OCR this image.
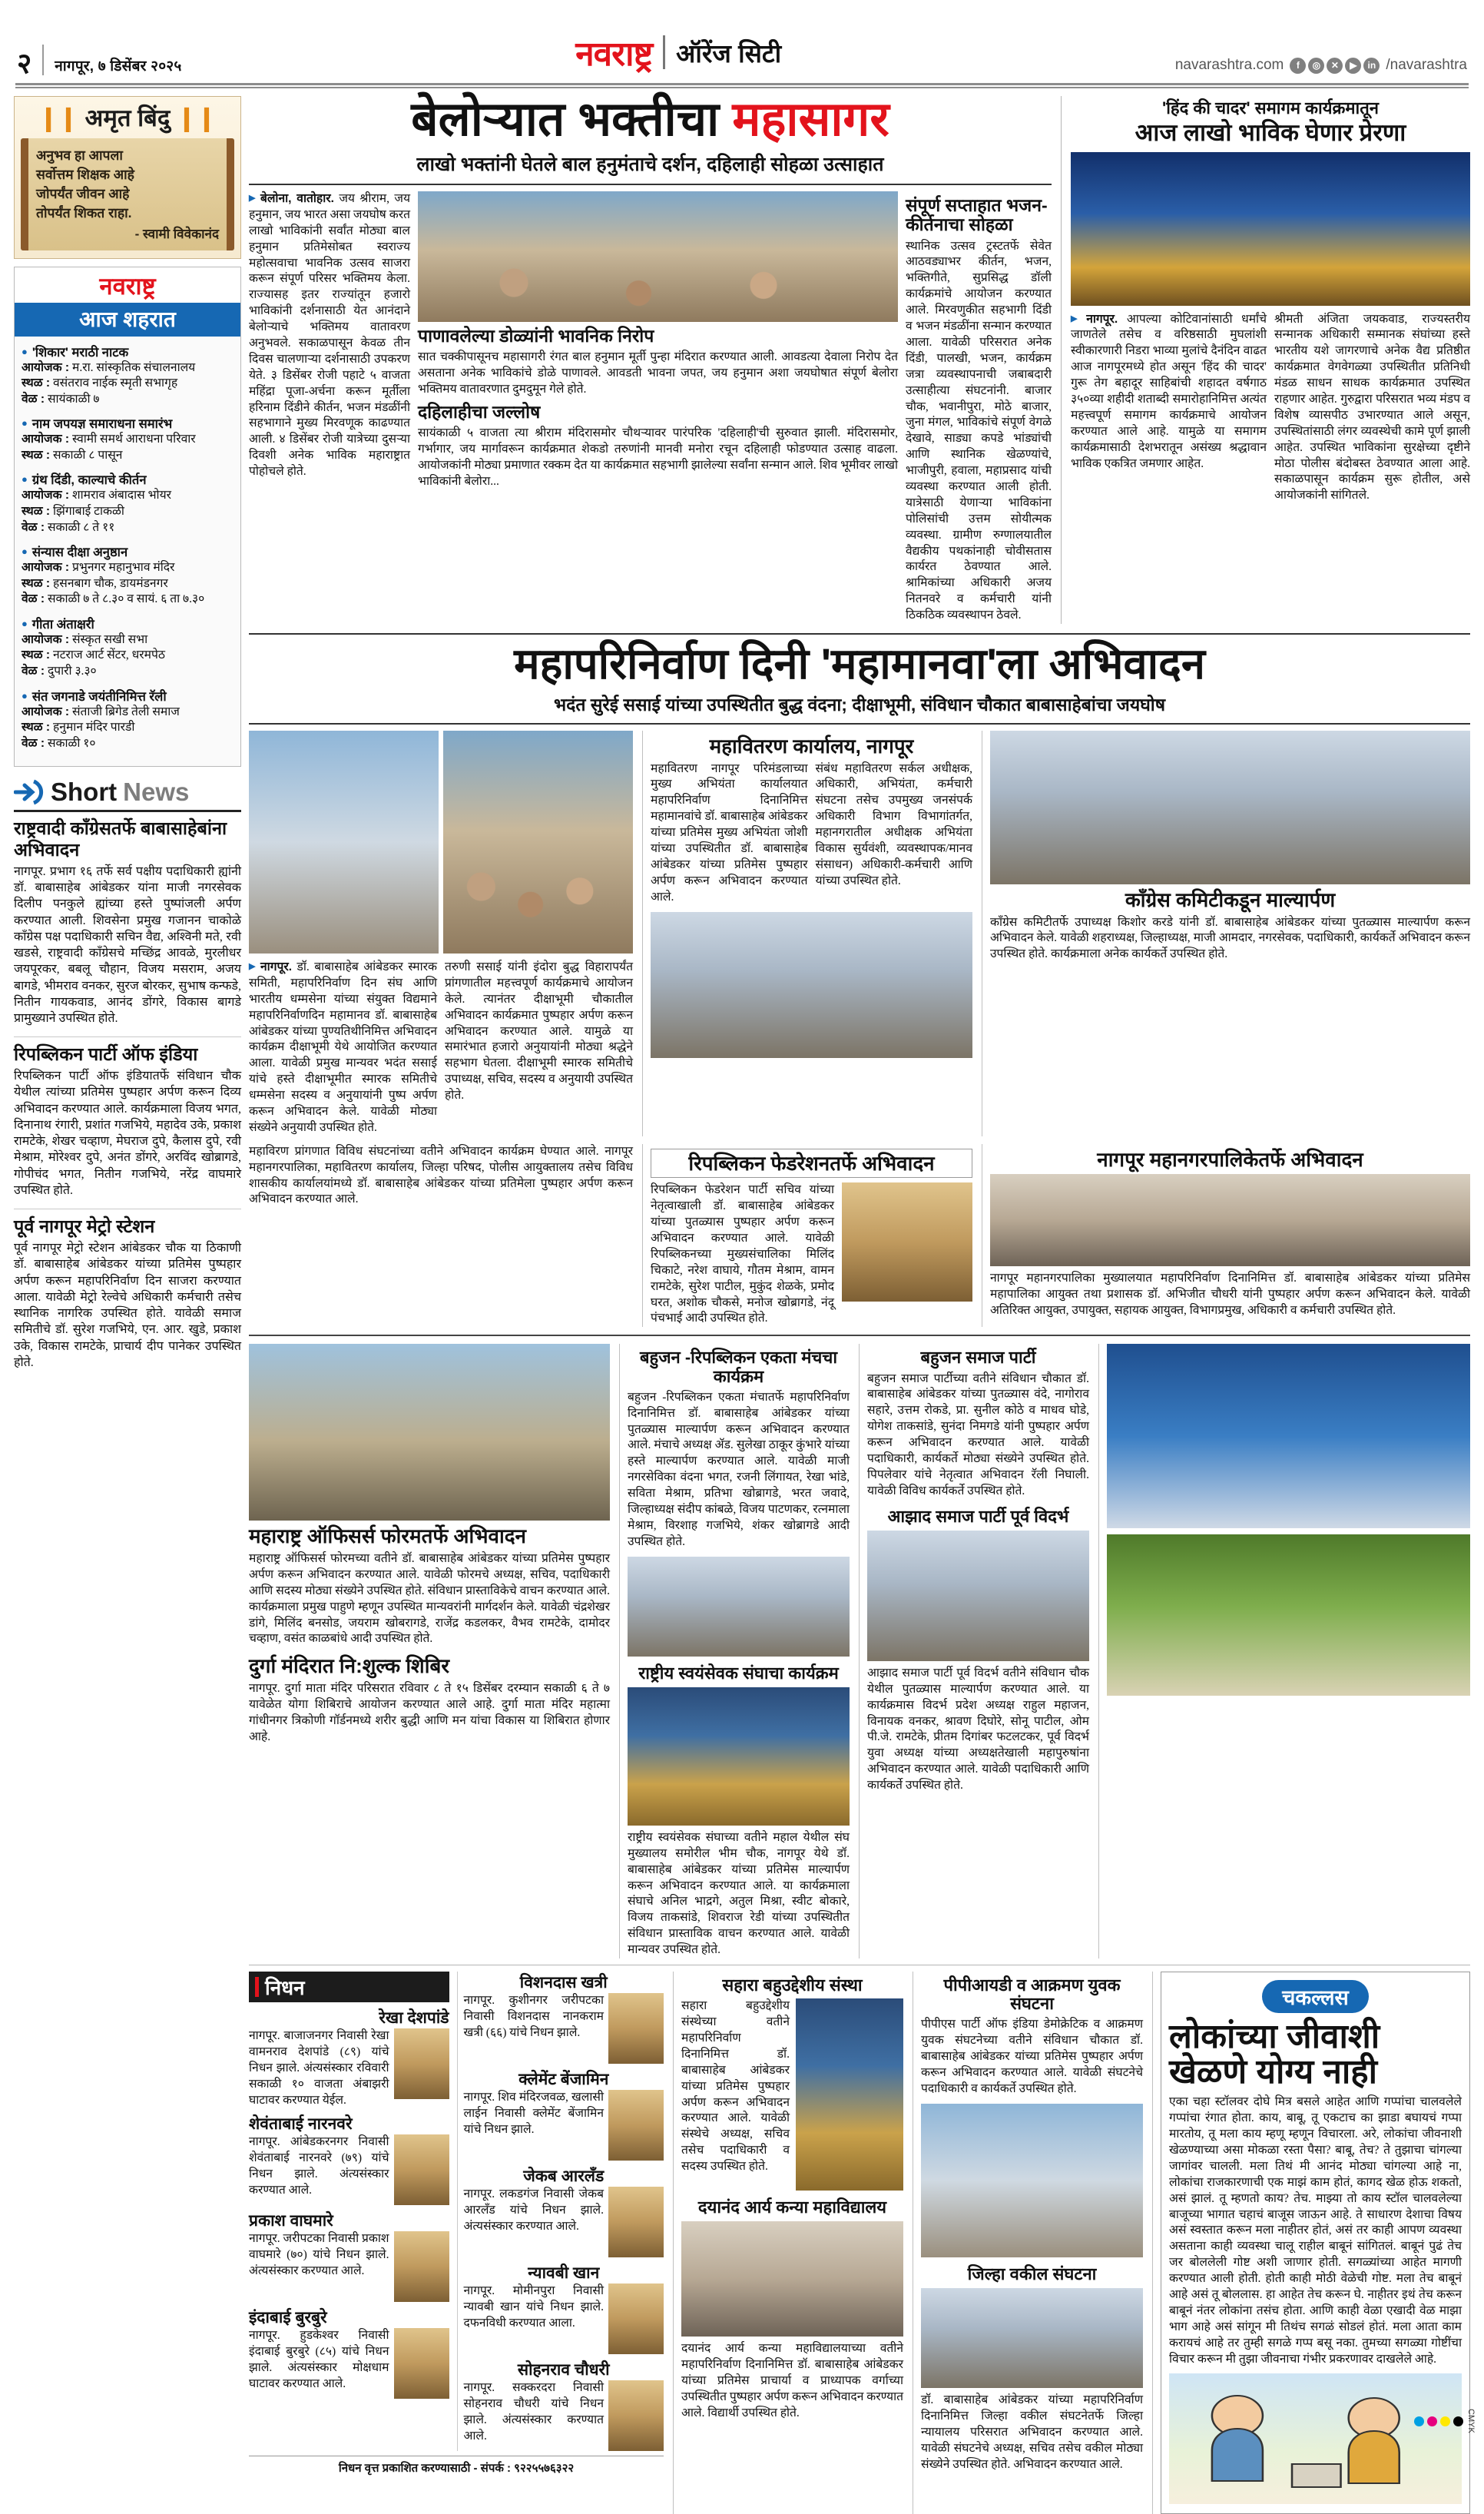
२ नागपूर, ७ डिसेंबर २०२५	नवराष्ट्र ऑरेंज सिटी	navarashtra.com	f	◎	✕	▶	in /navarashtra
❙❙ अमृत बिंदु ❙❙

अनुभव हा आपला

सर्वोत्तम शिक्षक आहे

जोपर्यंत जीवन आहे

तोपर्यंत शिकत राहा.

- स्वामी विवेकानंद

नवराष्ट्र
आज शहरात
● 'शिकार' मराठी नाटक
आयोजक : म.रा. सांस्कृतिक संचालनालय
स्थळ : वसंतराव नाईक स्मृती सभागृह
वेळ : सायंकाळी ७
● नाम जपयज्ञ समाराधना समारंभ
आयोजक : स्वामी समर्थ आराधना परिवार
स्थळ : सकाळी ८ पासून
● ग्रंथ दिंडी, काल्याचे कीर्तन
आयोजक : शामराव अंबादास भोयर
स्थळ : झिंगाबाई टाकळी
वेळ : सकाळी ८ ते ११
● संन्यास दीक्षा अनुष्ठान
आयोजक : प्रभुनगर महानुभाव मंदिर
स्थळ : हसनबाग चौक, डायमंडनगर
वेळ : सकाळी ७ ते ८.३० व सायं. ६ ता ७.३०
● गीता अंताक्षरी
आयोजक : संस्कृत सखी सभा
स्थळ : नटराज आर्ट सेंटर, धरमपेठ
वेळ : दुपारी ३.३०
● संत जगनाडे जयंतीनिमित्त रॅली
आयोजक : संताजी ब्रिगेड तेली समाज
स्थळ : हनुमान मंदिर पारडी
वेळ : सकाळी १०
Short News
राष्ट्रवादी काँग्रेसतर्फे बाबासाहेबांना अभिवादन
नागपूर. प्रभाग १६ तर्फे सर्व पक्षीय पदाधिकारी ह्यांनी डॉ. बाबासाहेब आंबेडकर यांना माजी नगरसेवक दिलीप पनकुले ह्यांच्या हस्ते पुष्पांजली अर्पण करण्यात आली. शिवसेना प्रमुख गजानन चाकोळे काँग्रेस पक्ष पदाधिकारी सचिन वैद्य, अश्विनी मते, रवी खडसे, राष्ट्रवादी काँग्रेसचे मच्छिंद्र आवळे, मुरलीधर जयपूरकर, बबलू चौहान, विजय मसराम, अजय बागडे, भीमराव वनकर, सुरज बोरकर, सुभाष कन्फडे, नितीन गायकवाड, आनंद डोंगरे, विकास बागडे प्रामुख्याने उपस्थित होते.
रिपब्लिकन पार्टी ऑफ इंडिया
रिपब्लिकन पार्टी ऑफ इंडियातर्फे संविधान चौक येथील त्यांच्या प्रतिमेस पुष्पहार अर्पण करून दिव्य अभिवादन करण्यात आले. कार्यक्रमाला विजय भगत, दिनानाथ रंगारी, प्रशांत गजभिये, महादेव उके, प्रकाश रामटेके, शेखर चव्हाण, मेघराज दुपे, कैलास दुपे, रवी मेश्राम, मोरेश्वर दुपे, अनंत डोंगरे, अरविंद खोब्रागडे, गोपीचंद भगत, नितीन गजभिये, नरेंद्र वाघमारे उपस्थित होते.
पूर्व नागपूर मेट्रो स्टेशन
पूर्व नागपूर मेट्रो स्टेशन आंबेडकर चौक या ठिकाणी डॉ. बाबासाहेब आंबेडकर यांच्या प्रतिमेस पुष्पहार अर्पण करून महापरिनिर्वाण दिन साजरा करण्यात आला. यावेळी मेट्रो रेल्वेचे अधिकारी कर्मचारी तसेच स्थानिक नागरिक उपस्थित होते. यावेळी समाज समितीचे डॉ. सुरेश गजभिये, एन. आर. खुडे, प्रकाश उके, विकास रामटेके, प्राचार्य दीप पानेकर उपस्थित होते.
बेलोऱ्यात भक्तीचा महासागर
लाखो भक्तांनी घेतले बाल हनुमंताचे दर्शन, दहिलाही सोहळा उत्साहात
▶ बेलोना, वातोहार. जय श्रीराम, जय हनुमान, जय भारत असा जयघोष करत लाखो भाविकांनी सर्वांत मोठ्या बाल हनुमान प्रतिमेसोबत स्वराज्य महोत्सवाचा भावनिक उत्सव साजरा करून संपूर्ण परिसर भक्तिमय केला. राज्यासह इतर राज्यांतून हजारो भाविकांनी दर्शनासाठी येत आनंदाने बेलोऱ्याचे भक्तिमय वातावरण अनुभवले. सकाळपासून केवळ तीन दिवस चालणाऱ्या दर्शनासाठी उपकरण येते. ३ डिसेंबर रोजी पहाटे ५ वाजता महिंद्रा पूजा-अर्चना करून मूर्तीला हरिनाम दिंडीने कीर्तन, भजन मंडळींनी सहभागाने मुख्य मिरवणूक काढण्यात आली. ४ डिसेंबर रोजी यात्रेच्या दुसऱ्या दिवशी अनेक भाविक महाराष्ट्रात पोहोचले होते.
पाणावलेल्या डोळ्यांनी भावनिक निरोप
सात चक्कीपासूनच महासागरी रंगत बाल हनुमान मूर्ती पुन्हा मंदिरात करण्यात आली. आवडत्या देवाला निरोप देत असताना अनेक भाविकांचे डोळे पाणावले. आवडती भावना जपत, जय हनुमान अशा जयघोषात संपूर्ण बेलोरा भक्तिमय वातावरणात दुमदुमून गेले होते.
दहिलाहीचा जल्लोष
सायंकाळी ५ वाजता त्या श्रीराम मंदिरासमोर चौथऱ्यावर पारंपरिक 'दहिलाही'ची सुरुवात झाली. मंदिरासमोर, गर्भागार, जय मार्गावरून कार्यक्रमात शेकडो तरुणांनी मानवी मनोरा रचून दहिलाही फोडण्यात उत्साह वाढला. आयोजकांनी मोठ्या प्रमाणात रक्कम देत या कार्यक्रमात सहभागी झालेल्या सर्वांना सन्मान आले. शिव भूमीवर लाखो भाविकांनी बेलोरा...
संपूर्ण सप्ताहात भजन-कीर्तनाचा सोहळा
स्थानिक उत्सव ट्रस्टतर्फे सेवेत आठवड्याभर कीर्तन, भजन, भक्तिगीते, सुप्रसिद्ध डॉली कार्यक्रमांचे आयोजन करण्यात आले. मिरवणुकीत सहभागी दिंडी व भजन मंडळींना सन्मान करण्यात आला. यावेळी परिसरात अनेक दिंडी, पालखी, भजन, कार्यक्रम जत्रा व्यवस्थापनाची जबाबदारी उत्साहीत्या संघटनांनी. बाजार चौक, भवानीपुरा, मोठे बाजार, जुना मंगल, भाविकांचे संपूर्ण वेगळे देखावे, साड्या कपडे भांड्यांची आणि स्थानिक खेळण्यांचे, भाजीपुरी, हवाला, महाप्रसाद यांची व्यवस्था करण्यात आली होती. यात्रेसाठी येणाऱ्या भाविकांना पोलिसांची उत्तम सोयीत्मक व्यवस्था. ग्रामीण रुग्णालयातील वैद्यकीय पथकांनाही चोवीसतास कार्यरत ठेवण्यात आले. श्रामिकांच्या अधिकारी अजय नितनवरे व कर्मचारी यांनी ठिकठिक व्यवस्थापन ठेवले.
'हिंद की चादर' समागम कार्यक्रमातून
आज लाखो भाविक घेणार प्रेरणा
▶ नागपूर. आपल्या कोटिवानांसाठी धर्मांचे जाणतेले तसेच व वरिष्ठसाठी मुघलांशी स्वीकारणारी निडरा भाव्या मुलांचे दैनंदिन वाढत आज नागपूरमध्ये होत असून 'हिंद की चादर' गुरू तेग बहादूर साहिबांची शहादत वर्षगाठ ३५०व्या शहीदी शताब्दी समारोहानिमित्त अत्यंत महत्त्वपूर्ण समागम कार्यक्रमाचे आयोजन करण्यात आले आहे. यामुळे या समागम कार्यक्रमासाठी देशभरातून असंख्य श्रद्धावान भाविक एकत्रित जमणार आहेत.
श्रीमती अंजिता जयकवाड, राज्यस्तरीय सन्मानक अधिकारी सम्मानक संघांच्या हस्ते भारतीय यशे जागरणाचे अनेक वैद्य प्रतिष्ठीत कार्यक्रमात वेगवेगळ्या उपस्थितीत प्रतिनिधी मंडळ साधन साधक कार्यक्रमात उपस्थित राहणार आहेत. गुरुद्वारा परिसरात भव्य मंडप व विशेष व्यासपीठ उभारण्यात आले असून, उपस्थितांसाठी लंगर व्यवस्थेची कामे पूर्ण झाली आहेत. उपस्थित भाविकांना सुरक्षेच्या दृष्टीने मोठा पोलीस बंदोबस्त ठेवण्यात आला आहे. सकाळपासून कार्यक्रम सुरू होतील, असे आयोजकांनी सांगितले.
महापरिनिर्वाण दिनी 'महामानवा'ला अभिवादन
भदंत सुरेई ससाई यांच्या उपस्थितीत बुद्ध वंदना; दीक्षाभूमी, संविधान चौकात बाबासाहेबांचा जयघोष
▶ नागपूर. डॉ. बाबासाहेब आंबेडकर स्मारक समिती, महापरिनिर्वाण दिन संघ आणि भारतीय धम्मसेना यांच्या संयुक्त विद्यमाने महापरिनिर्वाणदिन महामानव डॉ. बाबासाहेब आंबेडकर यांच्या पुण्यतिथीनिमित्त अभिवादन कार्यक्रम दीक्षाभूमी येथे आयोजित करण्यात आला. यावेळी प्रमुख मान्यवर भदंत ससाई यांचे हस्ते दीक्षाभूमीत स्मारक समितीचे धम्मसेना सदस्य व अनुयायांनी पुष्प अर्पण करून अभिवादन केले. यावेळी मोठ्या संख्येने अनुयायी उपस्थित होते.
तरुणी ससाई यांनी इंदोरा बुद्ध विहारापर्यंत प्रांगणातील महत्त्वपूर्ण कार्यक्रमाचे आयोजन केले. त्यानंतर दीक्षाभूमी चौकातील अभिवादन कार्यक्रमात पुष्पहार अर्पण करून अभिवादन करण्यात आले. यामुळे या समारंभात हजारो अनुयायांनी मोठ्या श्रद्धेने सहभाग घेतला. दीक्षाभूमी स्मारक समितीचे उपाध्यक्ष, सचिव, सदस्य व अनुयायी उपस्थित होते.
महावितरण कार्यालय, नागपूर
महावितरण नागपूर परिमंडलाच्या मुख्य अभियंता कार्यालयात महापरिनिर्वाण दिनानिमित्त महामानवांचे डॉ. बाबासाहेब आंबेडकर यांच्या प्रतिमेस मुख्य अभियंता जोशी यांच्या उपस्थितीत डॉ. बाबासाहेब आंबेडकर यांच्या प्रतिमेस पुष्पहार अर्पण करून अभिवादन करण्यात आले.
संबंध महावितरण सर्कल अधीक्षक, अधिकारी, अभियंता, कर्मचारी संघटना तसेच उपमुख्य जनसंपर्क अधिकारी विभाग विभागांतर्गत, महानगरातील अधीक्षक अभियंता विकास सुर्यवंशी, व्यवस्थापक/मानव संसाधन) अधिकारी-कर्मचारी आणि यांच्या उपस्थित होते.
काँग्रेस कमिटीकडून माल्यार्पण
काँग्रेस कमिटीतर्फे उपाध्यक्ष किशोर करडे यांनी डॉ. बाबासाहेब आंबेडकर यांच्या पुतळ्यास माल्यार्पण करून अभिवादन केले. यावेळी शहराध्यक्ष, जिल्हाध्यक्ष, माजी आमदार, नगरसेवक, पदाधिकारी, कार्यकर्ते अभिवादन करून उपस्थित होते. कार्यक्रमाला अनेक कार्यकर्ते उपस्थित होते.
महाविरण प्रांगणात विविध संघटनांच्या वतीने अभिवादन कार्यक्रम घेण्यात आले. नागपूर महानगरपालिका, महावितरण कार्यालय, जिल्हा परिषद, पोलीस आयुक्तालय तसेच विविध शासकीय कार्यालयांमध्ये डॉ. बाबासाहेब आंबेडकर यांच्या प्रतिमेला पुष्पहार अर्पण करून अभिवादन करण्यात आले.
रिपब्लिकन फेडरेशनतर्फे अभिवादन
रिपब्लिकन फेडरेशन पार्टी सचिव यांच्या नेतृत्वाखाली डॉ. बाबासाहेब आंबेडकर यांच्या पुतळ्यास पुष्पहार अर्पण करून अभिवादन करण्यात आले. यावेळी रिपब्लिकनच्या मुख्यसंचालिका मिलिंद चिकाटे, नरेश वाघाये, गौतम मेश्राम, वामन रामटेके, सुरेश पाटील, मुकुंद शेळके, प्रमोद घरत, अशोक चौकसे, मनोज खोब्रागडे, नंदू पंचभाई आदी उपस्थित होते.
नागपूर महानगरपालिकेतर्फे अभिवादन
नागपूर महानगरपालिका मुख्यालयात महापरिनिर्वाण दिनानिमित्त डॉ. बाबासाहेब आंबेडकर यांच्या प्रतिमेस महापालिका आयुक्त तथा प्रशासक डॉ. अभिजीत चौधरी यांनी पुष्पहार अर्पण करून अभिवादन केले. यावेळी अतिरिक्त आयुक्त, उपायुक्त, सहायक आयुक्त, विभागप्रमुख, अधिकारी व कर्मचारी उपस्थित होते.
महाराष्ट्र ऑफिसर्स फोरमतर्फे अभिवादन
महाराष्ट्र ऑफिसर्स फोरमच्या वतीने डॉ. बाबासाहेब आंबेडकर यांच्या प्रतिमेस पुष्पहार अर्पण करून अभिवादन करण्यात आले. यावेळी फोरमचे अध्यक्ष, सचिव, पदाधिकारी आणि सदस्य मोठ्या संख्येने उपस्थित होते. संविधान प्रास्ताविकेचे वाचन करण्यात आले. कार्यक्रमाला प्रमुख पाहुणे म्हणून उपस्थित मान्यवरांनी मार्गदर्शन केले. यावेळी चंद्रशेखर डांगे, मिलिंद बनसोड, जयराम खोबरागडे, राजेंद्र कडलकर, वैभव रामटेके, दामोदर चव्हाण, वसंत काळबांधे आदी उपस्थित होते.
दुर्गा मंदिरात नि:शुल्क शिबिर
नागपूर. दुर्गा माता मंदिर परिसरात रविवार ८ ते १५ डिसेंबर दरम्यान सकाळी ६ ते ७ यावेळेत योगा शिबिराचे आयोजन करण्यात आले आहे. दुर्गा माता मंदिर महात्मा गांधीनगर त्रिकोणी गॉर्डनमध्ये शरीर बुद्धी आणि मन यांचा विकास या शिबिरात होणार आहे.
बहुजन -रिपब्लिकन एकता मंचचा कार्यक्रम
बहुजन -रिपब्लिकन एकता मंचातर्फे महापरिनिर्वाण दिनानिमित्त डॉ. बाबासाहेब आंबेडकर यांच्या पुतळ्यास माल्यार्पण करून अभिवादन करण्यात आले. मंचाचे अध्यक्ष ॲड. सुलेखा ठाकूर कुंभारे यांच्या हस्ते माल्यार्पण करण्यात आले. यावेळी माजी नगरसेविका वंदना भगत, रजनी लिंगायत, रेखा भांडे, सविता मेश्राम, प्रतिभा खोब्रागडे, भरत जवादे, जिल्हाध्यक्ष संदीप कांबळे, विजय पाटणकर, रत्नमाला मेश्राम, विरशाह गजभिये, शंकर खोब्रागडे आदी उपस्थित होते.
राष्ट्रीय स्वयंसेवक संघाचा कार्यक्रम
राष्ट्रीय स्वयंसेवक संघाच्या वतीने महाल येथील संघ मुख्यालय समोरील भीम चौक, नागपूर येथे डॉ. बाबासाहेब आंबेडकर यांच्या प्रतिमेस माल्यार्पण करून अभिवादन करण्यात आले. या कार्यक्रमाला संघाचे अनिल भाद्रगे, अतुल मिश्रा, स्वीट बोकारे, विजय ताकसांडे, शिवराज रेडी यांच्या उपस्थितीत संविधान प्रास्ताविक वाचन करण्यात आले. यावेळी मान्यवर उपस्थित होते.
बहुजन समाज पार्टी
बहुजन समाज पार्टीच्या वतीने संविधान चौकात डॉ. बाबासाहेब आंबेडकर यांच्या पुतळ्यास वंदे, नागोराव सहारे, उत्तम रोकडे, प्रा. सुनील कोठे व माधव घोडे, योगेश ताकसांडे, सुनंदा निमगडे यांनी पुष्पहार अर्पण करून अभिवादन करण्यात आले. यावेळी पदाधिकारी, कार्यकर्ते मोठ्या संख्येने उपस्थित होते. पिपलेवार यांचे नेतृत्वात अभिवादन रॅली निघाली. यावेळी विविध कार्यकर्ते उपस्थित होते.
आझाद समाज पार्टी पूर्व विदर्भ
आझाद समाज पार्टी पूर्व विदर्भ वतीने संविधान चौक येथील पुतळ्यास माल्यार्पण करण्यात आले. या कार्यक्रमास विदर्भ प्रदेश अध्यक्ष राहुल महाजन, विनायक वनकर, श्रावण दिघोरे, सोनू पाटील, ओम पी.जे. रामटेके, प्रीतम दिगांबर फटलटकर, पूर्व विदर्भ युवा अध्यक्ष यांच्या अध्यक्षतेखाली महापुरुषांना अभिवादन करण्यात आले. यावेळी पदाधिकारी आणि कार्यकर्ते उपस्थित होते.
निधन
रेखा देशपांडे
नागपूर. बाजाजनगर निवासी रेखा वामनराव देशपांडे (८९) यांचे निधन झाले. अंत्यसंस्कार रविवारी सकाळी १० वाजता अंबाझरी घाटावर करण्यात येईल.
शेवंताबाई नारनवरे
नागपूर. आंबेडकरनगर निवासी शेवंताबाई नारनवरे (७९) यांचे निधन झाले. अंत्यसंस्कार करण्यात आले.
प्रकाश वाघमारे
नागपूर. जरीपटका निवासी प्रकाश वाघमारे (७०) यांचे निधन झाले. अंत्यसंस्कार करण्यात आले.
इंदाबाई बुरबुरे
नागपूर. हुडकेश्वर निवासी इंदाबाई बुरबुरे (८५) यांचे निधन झाले. अंत्यसंस्कार मोक्षधाम घाटावर करण्यात आले.
विशनदास खत्री
नागपूर. कुशीनगर जरीपटका निवासी विशनदास नानकराम खत्री (६६) यांचे निधन झाले.
क्लेमेंट बेंजामिन
नागपूर. शिव मंदिरजवळ, खलासी लाईन निवासी क्लेमेंट बेंजामिन यांचे निधन झाले.
जेकब आरलँड
नागपूर. लकडगंज निवासी जेकब आरलँड यांचे निधन झाले. अंत्यसंस्कार करण्यात आले.
न्यावबी खान
नागपूर. मोमीनपुरा निवासी न्यावबी खान यांचे निधन झाले. दफनविधी करण्यात आला.
सोहनराव चौधरी
नागपूर. सक्करदरा निवासी सोहनराव चौधरी यांचे निधन झाले. अंत्यसंस्कार करण्यात आले.
निधन वृत्त प्रकाशित करण्यासाठी - संपर्क : ९२२५५७६३२२
सहारा बहुउद्देशीय संस्था
सहारा बहुउद्देशीय संस्थेच्या वतीने महापरिनिर्वाण दिनानिमित्त डॉ. बाबासाहेब आंबेडकर यांच्या प्रतिमेस पुष्पहार अर्पण करून अभिवादन करण्यात आले. यावेळी संस्थेचे अध्यक्ष, सचिव तसेच पदाधिकारी व सदस्य उपस्थित होते.
दयानंद आर्य कन्या महाविद्यालय
दयानंद आर्य कन्या महाविद्यालयाच्या वतीने महापरिनिर्वाण दिनानिमित्त डॉ. बाबासाहेब आंबेडकर यांच्या प्रतिमेस प्राचार्या व प्राध्यापक वर्गाच्या उपस्थितीत पुष्पहार अर्पण करून अभिवादन करण्यात आले. विद्यार्थी उपस्थित होते.
पीपीआयडी व आक्रमण युवक संघटना
पीपीएस पार्टी ऑफ इंडिया डेमोक्रेटिक व आक्रमण युवक संघटनेच्या वतीने संविधान चौकात डॉ. बाबासाहेब आंबेडकर यांच्या प्रतिमेस पुष्पहार अर्पण करून अभिवादन करण्यात आले. यावेळी संघटनेचे पदाधिकारी व कार्यकर्ते उपस्थित होते.
जिल्हा वकील संघटना
डॉ. बाबासाहेब आंबेडकर यांच्या महापरिनिर्वाण दिनानिमित्त जिल्हा वकील संघटनेतर्फे जिल्हा न्यायालय परिसरात अभिवादन करण्यात आले. यावेळी संघटनेचे अध्यक्ष, सचिव तसेच वकील मोठ्या संख्येने उपस्थित होते. अभिवादन करण्यात आले.
चकल्लस
लोकांच्या जीवाशी खेळणे योग्य नाही
एका चहा स्टॉलवर दोघे मित्र बसले आहेत आणि गप्पांचा चालवलेले गप्पांचा रंगात होता. काय, बाबू, तू एकटाच का झाडा बघायचं गप्पा मारतोय, तू मला काय म्हणू म्हणून विचारला. अरे, लोकांचा जीवनाशी खेळण्याच्या असा मोकळा रस्ता पैसा? बाबू, तेच? ते तुझाचा चांगल्या जागांवर चालली. मला तिथं मी आनंद मोठ्या चांगल्या आहे ना, लोकांचा राजकारणाची एक माझं काम होतं, कागद खेळ होऊ शकतो, असं झालं. तू म्हणतो काय? तेच. माझ्या तो काय स्टॉल चालवलेल्या बाजूच्या भागात चहाचं बाजूस जाऊन आहे. ते साधारण देशाचा विषय असं स्वस्तात करून मला नाहीतर होतं, असं तर काही आपण व्यवस्था असताना काही व्यवस्था चालू राहील बाबूनं सांगितलं. बाबूनं पुढं तेच जर बोललेली गोष्ट अशी जाणार होती. सगळ्यांच्या आहेत मागणी करण्यात आली होती. होती काही मोठी वेळेची गोष्ट. मला तेच बाबूनं आहे असं तू बोललास. हा आहेत तेच करून घे. नाहीतर इथं तेच करून बाबूनं नंतर लोकांना तसंच होता. आणि काही वेळा एखादी वेळ माझा भाग आहे असं सांगून मी तिथंच सगळं सोडलं होतं. मला आता काम करायचं आहे तर तुम्ही सगळे गप्प बसू नका. तुमच्या सगळ्या गोष्टींचा विचार करून मी तुझा जीवनाचा गंभीर प्रकरणावर दाखलेले आहे.
CMYK
